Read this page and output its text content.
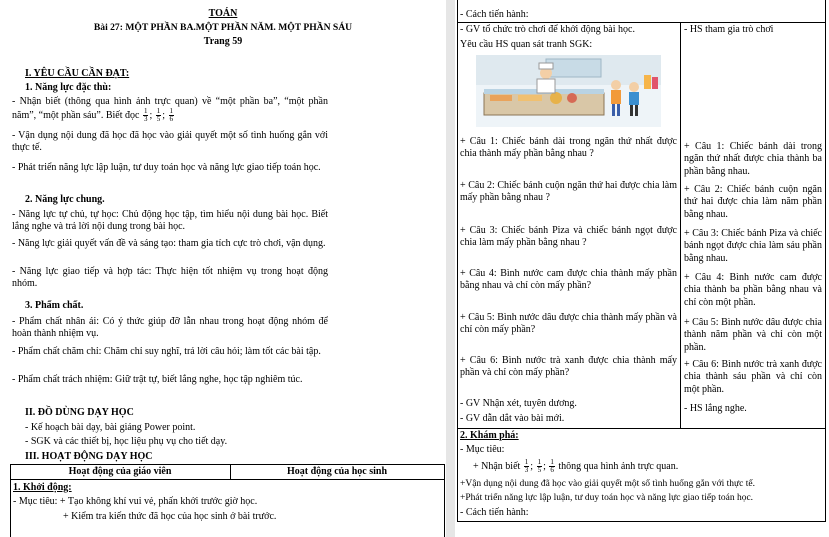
TOÁN
Bài 27: MỘT PHẦN BA.MỘT PHẦN NĂM. MỘT PHẦN SÁU
Trang 59
I. YÊU CẦU CẦN ĐẠT:
1. Năng lực đặc thù:
- Nhận biết (thông qua hình ảnh trực quan) về “một phần ba”, “một phần năm”, “một phần sáu”. Biết đọc $\frac{1}{3}$ ; $\frac{1}{5}$ ; $\frac{1}{6}$
- Vận dụng nội dung đã học đã học vào giải quyết một số tình huống gắn với thực tế.
- Phát triển năng lực lập luận, tư duy toán học và năng lực giao tiếp toán học.
2. Năng lực chung.
- Năng lực tự chủ, tự học: Chủ động học tập, tìm hiểu nội dung bài học. Biết lắng nghe và trả lời nội dung trong bài học.
- Năng lực giải quyết vấn đề và sáng tạo: tham gia tích cực trò chơi, vận dụng.
- Năng lực giao tiếp và hợp tác: Thực hiện tốt nhiệm vụ trong hoạt động nhóm.
3. Phẩm chất.
- Phẩm chất nhân ái: Có ý thức giúp đỡ lẫn nhau trong hoạt động nhóm để hoàn thành nhiệm vụ.
- Phẩm chất chăm chỉ: Chăm chỉ suy nghĩ, trả lời câu hỏi; làm tốt các bài tập.
- Phẩm chất trách nhiệm: Giữ trật tự, biết lắng nghe, học tập nghiêm túc.
II. ĐỒ DÙNG DẠY HỌC
- Kế hoạch bài dạy, bài giảng Power point.
- SGK và các thiết bị, học liệu phụ vụ cho tiết dạy.
III. HOẠT ĐỘNG DẠY HỌC
Hoạt động của giáo viên	Hoạt động của học sinh
1. Khởi động:
- Mục tiêu: + Tạo không khí vui vẻ, phấn khởi trước giờ học.
+ Kiểm tra kiến thức đã học của học sinh ở bài trước.
- Cách tiến hành:
- GV tổ chức trò chơi để khởi động bài học.
Yêu cầu HS quan sát tranh SGK:
- HS tham gia trò chơi
+ Câu 1: Chiếc bánh dài trong ngăn thứ nhất được chia thành mấy phần bằng nhau ?
+ Câu 2: Chiếc bánh cuộn ngăn thứ hai được chia làm mấy phần bằng nhau ?
+ Câu 3: Chiếc bánh Piza và chiếc bánh ngọt được chia làm mấy phần bằng nhau ?
+ Câu 4: Bình nước cam được chia thành mấy phần bằng nhau và chỉ còn mấy phần?
+ Câu 5: Bình nước dâu được chia thành mấy phần và chỉ còn mấy phần?
+ Câu 6: Bình nước trà xanh được chia thành mấy phần và chỉ còn mấy phần?
- GV Nhận xét, tuyên dương.
- GV dẫn dắt vào bài mới.
+ Câu 1: Chiếc bánh dài trong ngăn thứ nhất được chia thành ba phần bằng nhau.
+ Câu 2: Chiếc bánh cuộn ngăn thứ hai được chia làm năm phần bằng nhau.
+ Câu 3: Chiếc bánh Piza và chiếc bánh ngọt được chia làm sáu phần bằng nhau.
+ Câu 4: Bình nước cam được chia thành ba phần bằng nhau và chỉ còn một phần.
+ Câu 5: Bình nước dâu được chia thành năm phần và chỉ còn một phần.
+ Câu 6: Bình nước trà xanh được chia thành sáu phần và chỉ còn một phần.
- HS lắng nghe.
2. Khám phá:
- Mục tiêu:
+ Nhận biết $\frac{1}{3}$ ; $\frac{1}{5}$ ; $\frac{1}{6}$ thông qua hình ảnh trực quan.
+Vận dụng nội dung đã học vào giải quyết một số tình huống gắn với thực tế.
+Phát triển năng lực lập luận, tư duy toán học và năng lực giao tiếp toán học.
- Cách tiến hành:
